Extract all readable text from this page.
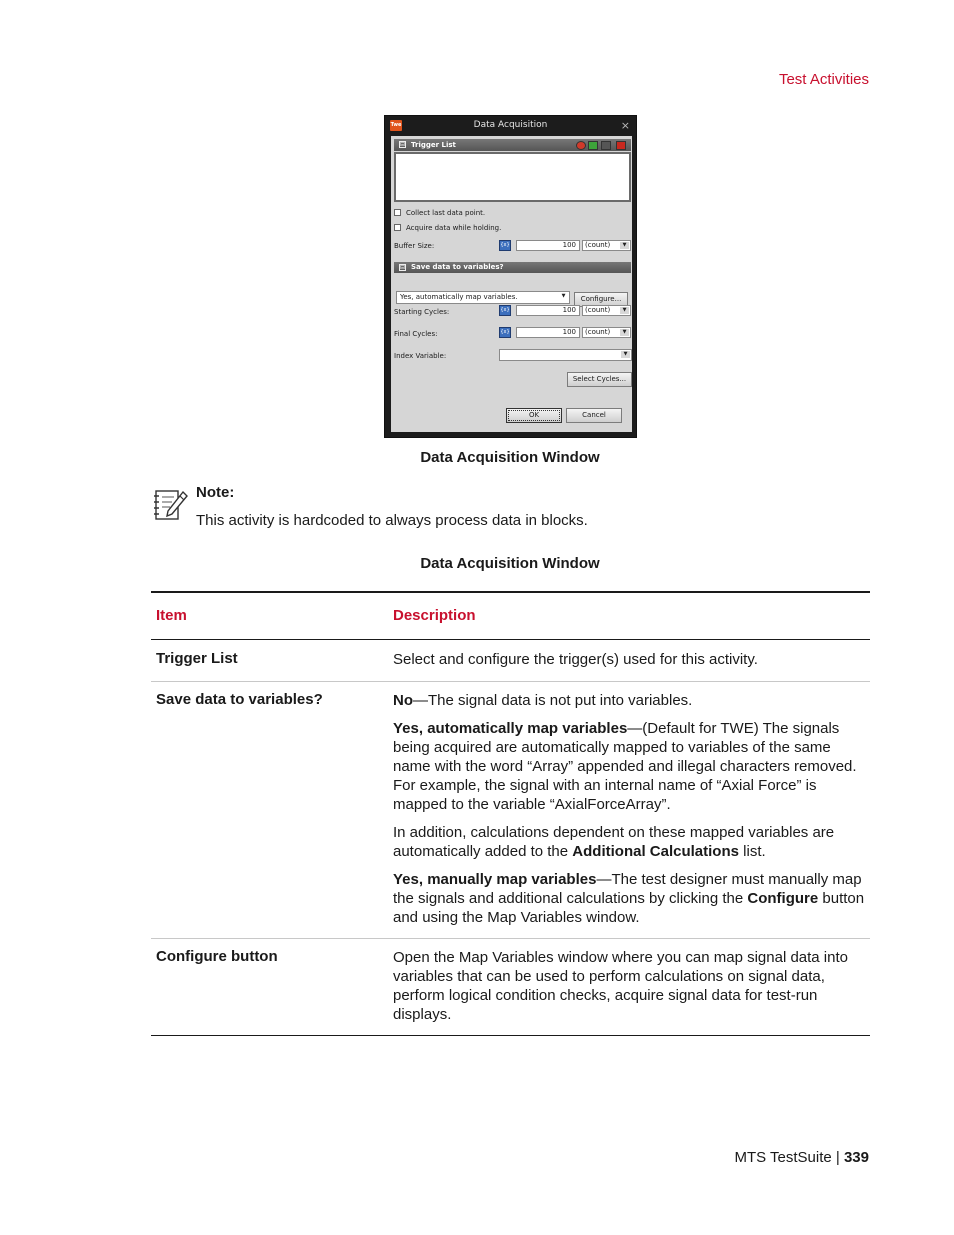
Test Activities
Twe	Data Acquisition	×
⊟ Trigger List
Collect last data point.
Acquire data while holding.
Buffer Size:	{x}	100	(count)	▼
⊟ Save data to variables?
Yes, automatically map variables.	▼	Configure...
Starting Cycles:	{x}	100	(count)	▼
Final Cycles:	{x}	100	(count)	▼
Index Variable:	▼
Select Cycles...
OK	Cancel
Data Acquisition Window
Note:
This activity is hardcoded to always process data in blocks.
Data Acquisition Window
Item	Description
Trigger List	Select and configure the trigger(s) used for this activity.

Save data to variables?	No—The signal data is not put into variables.

Yes, automatically map variables—(Default for TWE) The signals being acquired are automatically mapped to variables of the same name with the word “Array” appended and illegal characters removed. For example, the signal with an internal name of “Axial Force” is mapped to the variable “AxialForceArray”.

In addition, calculations dependent on these mapped variables are automatically added to the Additional Calculations list.

Yes, manually map variables—The test designer must manually map the signals and additional calculations by clicking the Configure button and using the Map Variables window.

Configure button	Open the Map Variables window where you can map signal data into variables that can be used to perform calculations on signal data, perform logical condition checks, acquire signal data for test-run displays.

MTS TestSuite | 339
